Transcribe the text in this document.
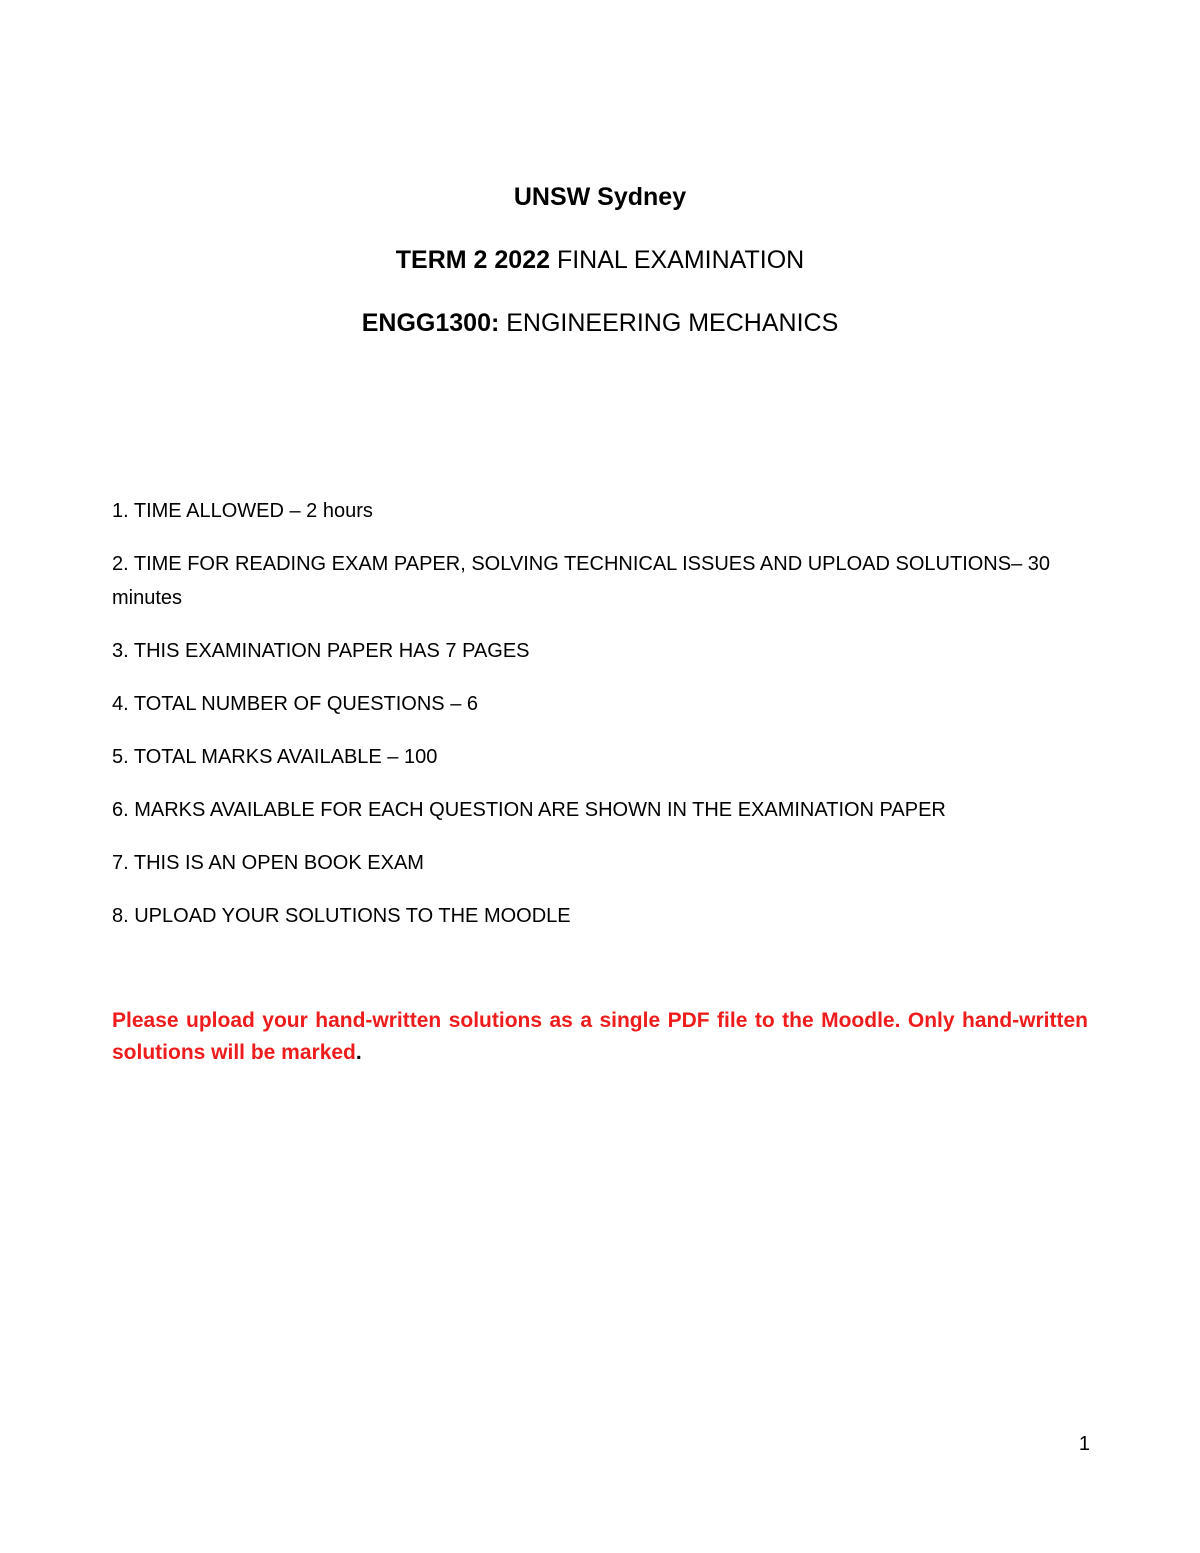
UNSW Sydney
TERM 2 2022 FINAL EXAMINATION
ENGG1300: ENGINEERING MECHANICS

1. TIME ALLOWED – 2 hours

2. TIME FOR READING EXAM PAPER, SOLVING TECHNICAL ISSUES AND UPLOAD SOLUTIONS– 30 minutes

3. THIS EXAMINATION PAPER HAS 7 PAGES

4. TOTAL NUMBER OF QUESTIONS – 6

5. TOTAL MARKS AVAILABLE – 100

6. MARKS AVAILABLE FOR EACH QUESTION ARE SHOWN IN THE EXAMINATION PAPER

7. THIS IS AN OPEN BOOK EXAM

8. UPLOAD YOUR SOLUTIONS TO THE MOODLE

Please upload your hand-written solutions as a single PDF file to the Moodle. Only hand-written solutions will be marked.
1
